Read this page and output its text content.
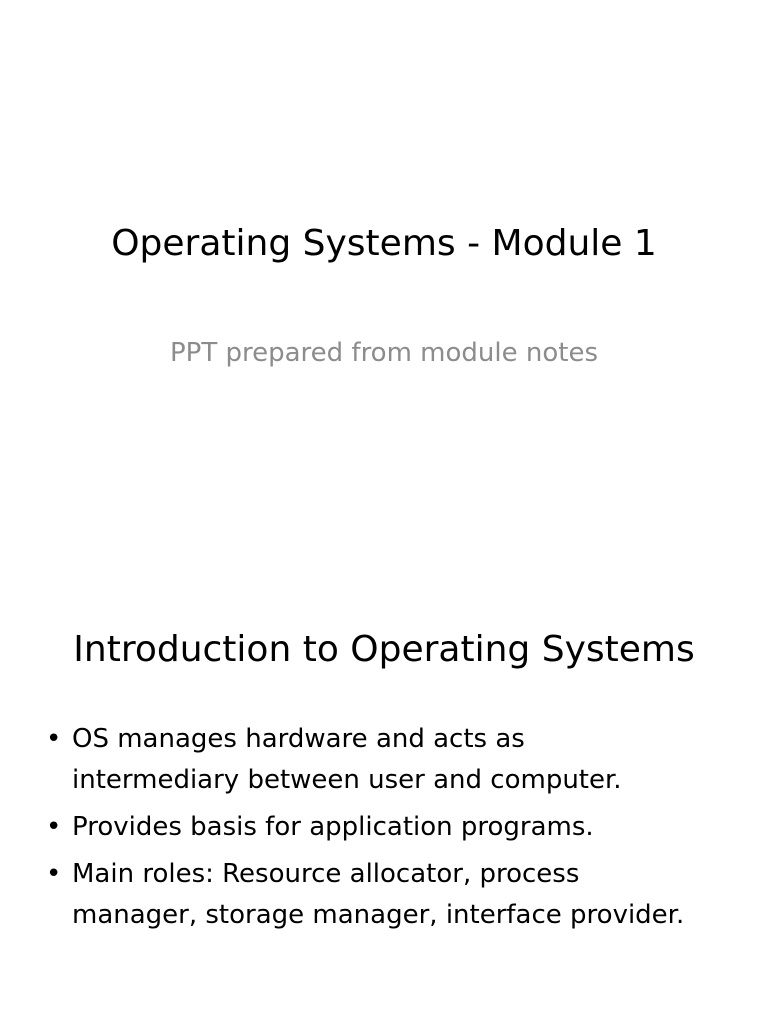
Operating Systems - Module 1
PPT prepared from module notes
Introduction to Operating Systems
• OS manages hardware and acts as
intermediary between user and computer.
• Provides basis for application programs.
• Main roles: Resource allocator, process
manager, storage manager, interface provider.
